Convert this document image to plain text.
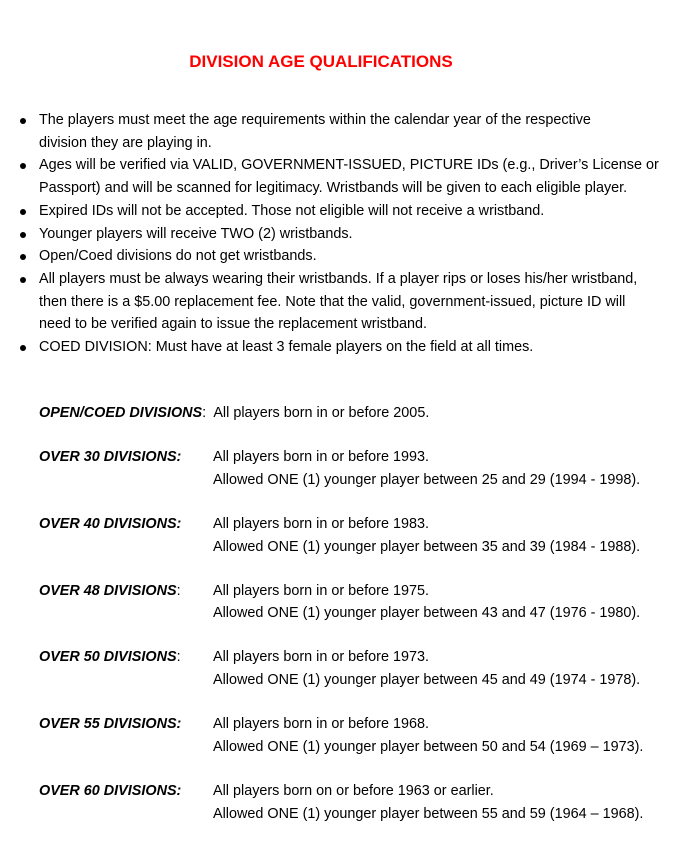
DIVISION AGE QUALIFICATIONS
The players must meet the age requirements within the calendar year of the respective
division they are playing in.
Ages will be verified via VALID, GOVERNMENT-ISSUED, PICTURE IDs (e.g., Driver’s License or
Passport) and will be scanned for legitimacy. Wristbands will be given to each eligible player.
Expired IDs will not be accepted. Those not eligible will not receive a wristband.
Younger players will receive TWO (2) wristbands.
Open/Coed divisions do not get wristbands.
All players must be always wearing their wristbands. If a player rips or loses his/her wristband,
then there is a $5.00 replacement fee. Note that the valid, government-issued, picture ID will
need to be verified again to issue the replacement wristband.
COED DIVISION: Must have at least 3 female players on the field at all times.
OPEN/COED DIVISIONS: All players born in or before 2005.
OVER 30 DIVISIONS: All players born in or before 1993.
Allowed ONE (1) younger player between 25 and 29 (1994 - 1998).
OVER 40 DIVISIONS: All players born in or before 1983.
Allowed ONE (1) younger player between 35 and 39 (1984 - 1988).
OVER 48 DIVISIONS: All players born in or before 1975.
Allowed ONE (1) younger player between 43 and 47 (1976 - 1980).
OVER 50 DIVISIONS: All players born in or before 1973.
Allowed ONE (1) younger player between 45 and 49 (1974 - 1978).
OVER 55 DIVISIONS: All players born in or before 1968.
Allowed ONE (1) younger player between 50 and 54 (1969 – 1973).
OVER 60 DIVISIONS: All players born on or before 1963 or earlier.
Allowed ONE (1) younger player between 55 and 59 (1964 – 1968).
